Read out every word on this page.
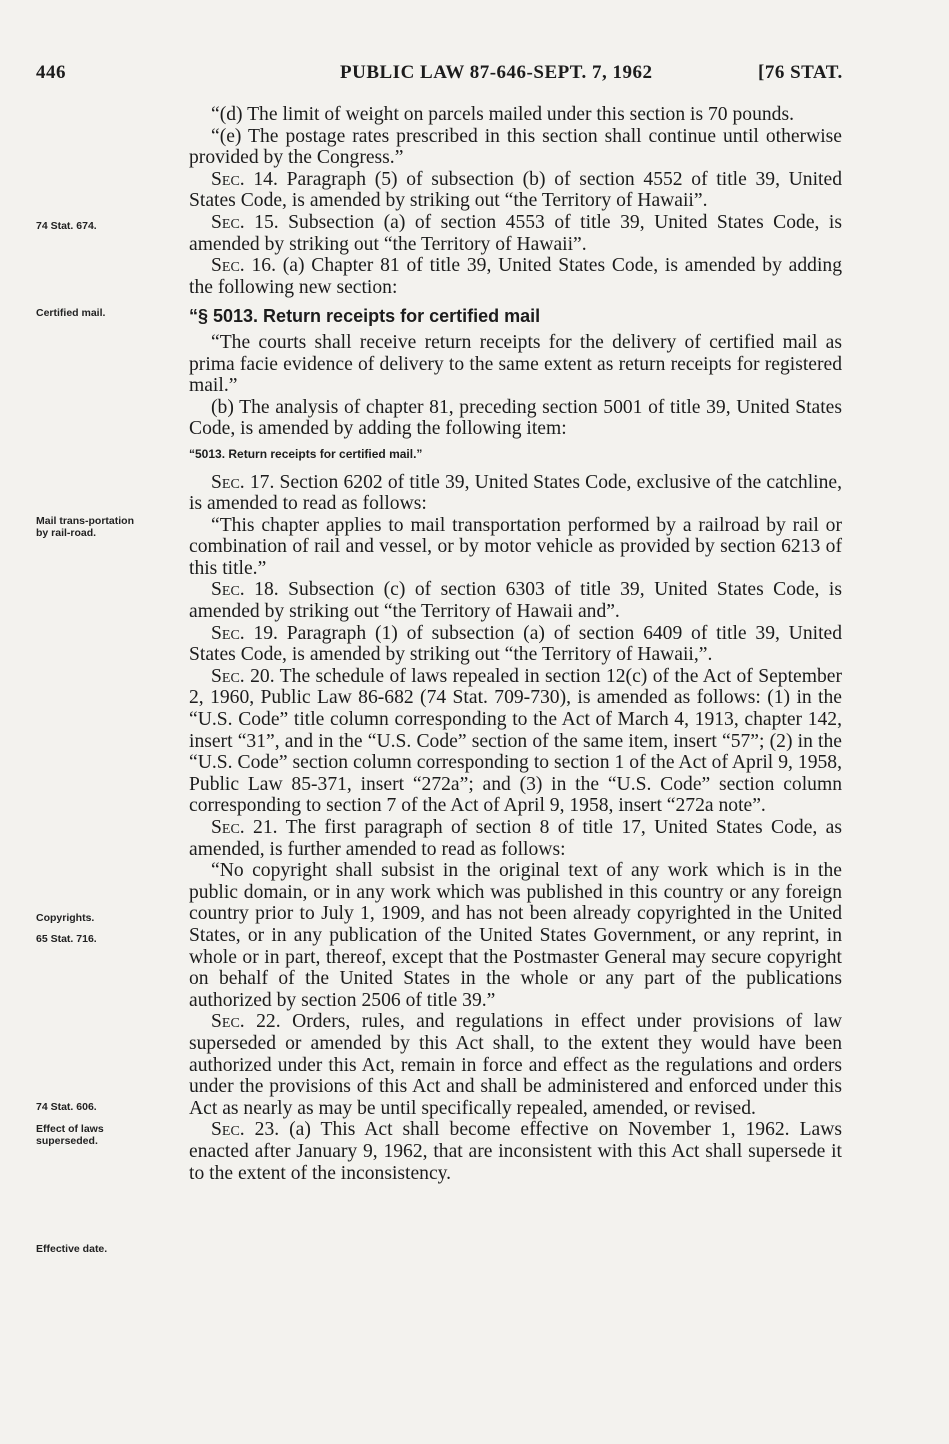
446	PUBLIC LAW 87-646-SEPT. 7, 1962	[76 STAT.
74 Stat. 674.
Certified mail.
Mail trans-portation by rail-road.
Copyrights.
65 Stat. 716.
74 Stat. 606.
Effect of laws superseded.
Effective date.

“(d) The limit of weight on parcels mailed under this section is 70 pounds.

“(e) The postage rates prescribed in this section shall continue until otherwise provided by the Congress.”

Sec. 14. Paragraph (5) of subsection (b) of section 4552 of title 39, United States Code, is amended by striking out “the Territory of Hawaii”.

Sec. 15. Subsection (a) of section 4553 of title 39, United States Code, is amended by striking out “the Territory of Hawaii”.

Sec. 16. (a) Chapter 81 of title 39, United States Code, is amended by adding the following new section:

“§ 5013. Return receipts for certified mail

“The courts shall receive return receipts for the delivery of certified mail as prima facie evidence of delivery to the same extent as return receipts for registered mail.”

(b) The analysis of chapter 81, preceding section 5001 of title 39, United States Code, is amended by adding the following item:

“5013. Return receipts for certified mail.”

Sec. 17. Section 6202 of title 39, United States Code, exclusive of the catchline, is amended to read as follows:

“This chapter applies to mail transportation performed by a railroad by rail or combination of rail and vessel, or by motor vehicle as provided by section 6213 of this title.”

Sec. 18. Subsection (c) of section 6303 of title 39, United States Code, is amended by striking out “the Territory of Hawaii and”.

Sec. 19. Paragraph (1) of subsection (a) of section 6409 of title 39, United States Code, is amended by striking out “the Territory of Hawaii,”.

Sec. 20. The schedule of laws repealed in section 12(c) of the Act of September 2, 1960, Public Law 86-682 (74 Stat. 709-730), is amended as follows: (1) in the “U.S. Code” title column corresponding to the Act of March 4, 1913, chapter 142, insert “31”, and in the “U.S. Code” section of the same item, insert “57”; (2) in the “U.S. Code” section column corresponding to section 1 of the Act of April 9, 1958, Public Law 85-371, insert “272a”; and (3) in the “U.S. Code” section column corresponding to section 7 of the Act of April 9, 1958, insert “272a note”.

Sec. 21. The first paragraph of section 8 of title 17, United States Code, as amended, is further amended to read as follows:

“No copyright shall subsist in the original text of any work which is in the public domain, or in any work which was published in this country or any foreign country prior to July 1, 1909, and has not been already copyrighted in the United States, or in any publication of the United States Government, or any reprint, in whole or in part, thereof, except that the Postmaster General may secure copyright on behalf of the United States in the whole or any part of the publications authorized by section 2506 of title 39.”

Sec. 22. Orders, rules, and regulations in effect under provisions of law superseded or amended by this Act shall, to the extent they would have been authorized under this Act, remain in force and effect as the regulations and orders under the provisions of this Act and shall be administered and enforced under this Act as nearly as may be until specifically repealed, amended, or revised.

Sec. 23. (a) This Act shall become effective on November 1, 1962. Laws enacted after January 9, 1962, that are inconsistent with this Act shall supersede it to the extent of the inconsistency.
